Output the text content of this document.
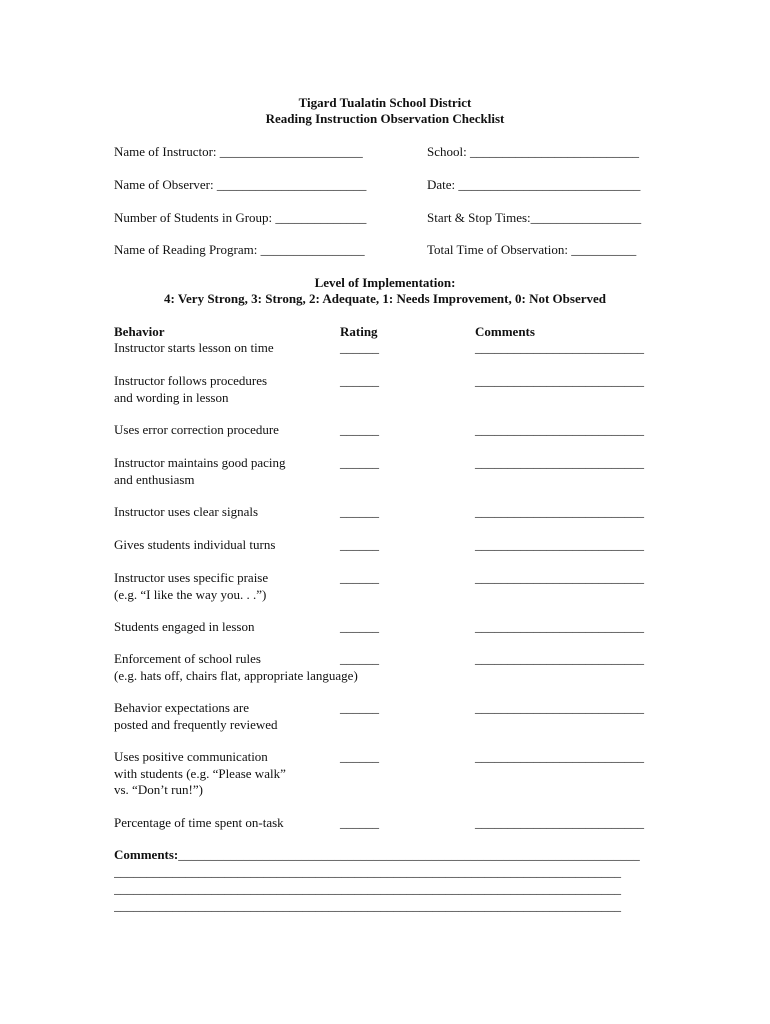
Tigard Tualatin School District
Reading Instruction Observation Checklist
Name of Instructor: ______________________	School: __________________________
Name of Observer: _______________________	Date: ____________________________
Number of Students in Group: ______________	Start & Stop Times:_________________
Name of Reading Program: ________________	Total Time of Observation: __________
Level of Implementation:
4: Very Strong, 3: Strong, 2: Adequate, 1: Needs Improvement, 0: Not Observed
Behavior	Rating	Comments
Instructor starts lesson on time	______	__________________________
Instructor follows procedures
and wording in lesson
______	__________________________
Uses error correction procedure	______	__________________________
Instructor maintains good pacing
and enthusiasm
______	__________________________
Instructor uses clear signals	______	__________________________
Gives students individual turns	______	__________________________
Instructor uses specific praise
(e.g. “I like the way you. . .”)
______	__________________________
Students engaged in lesson	______	__________________________
Enforcement of school rules
(e.g. hats off, chairs flat, appropriate language)
______	__________________________
Behavior expectations are
posted and frequently reviewed
______	__________________________
Uses positive communication
with students (e.g. “Please walk”
vs. “Don’t run!”)
______	__________________________
Percentage of time spent on-task	______	__________________________
Comments:_______________________________________________________________________
______________________________________________________________________________
______________________________________________________________________________
______________________________________________________________________________
